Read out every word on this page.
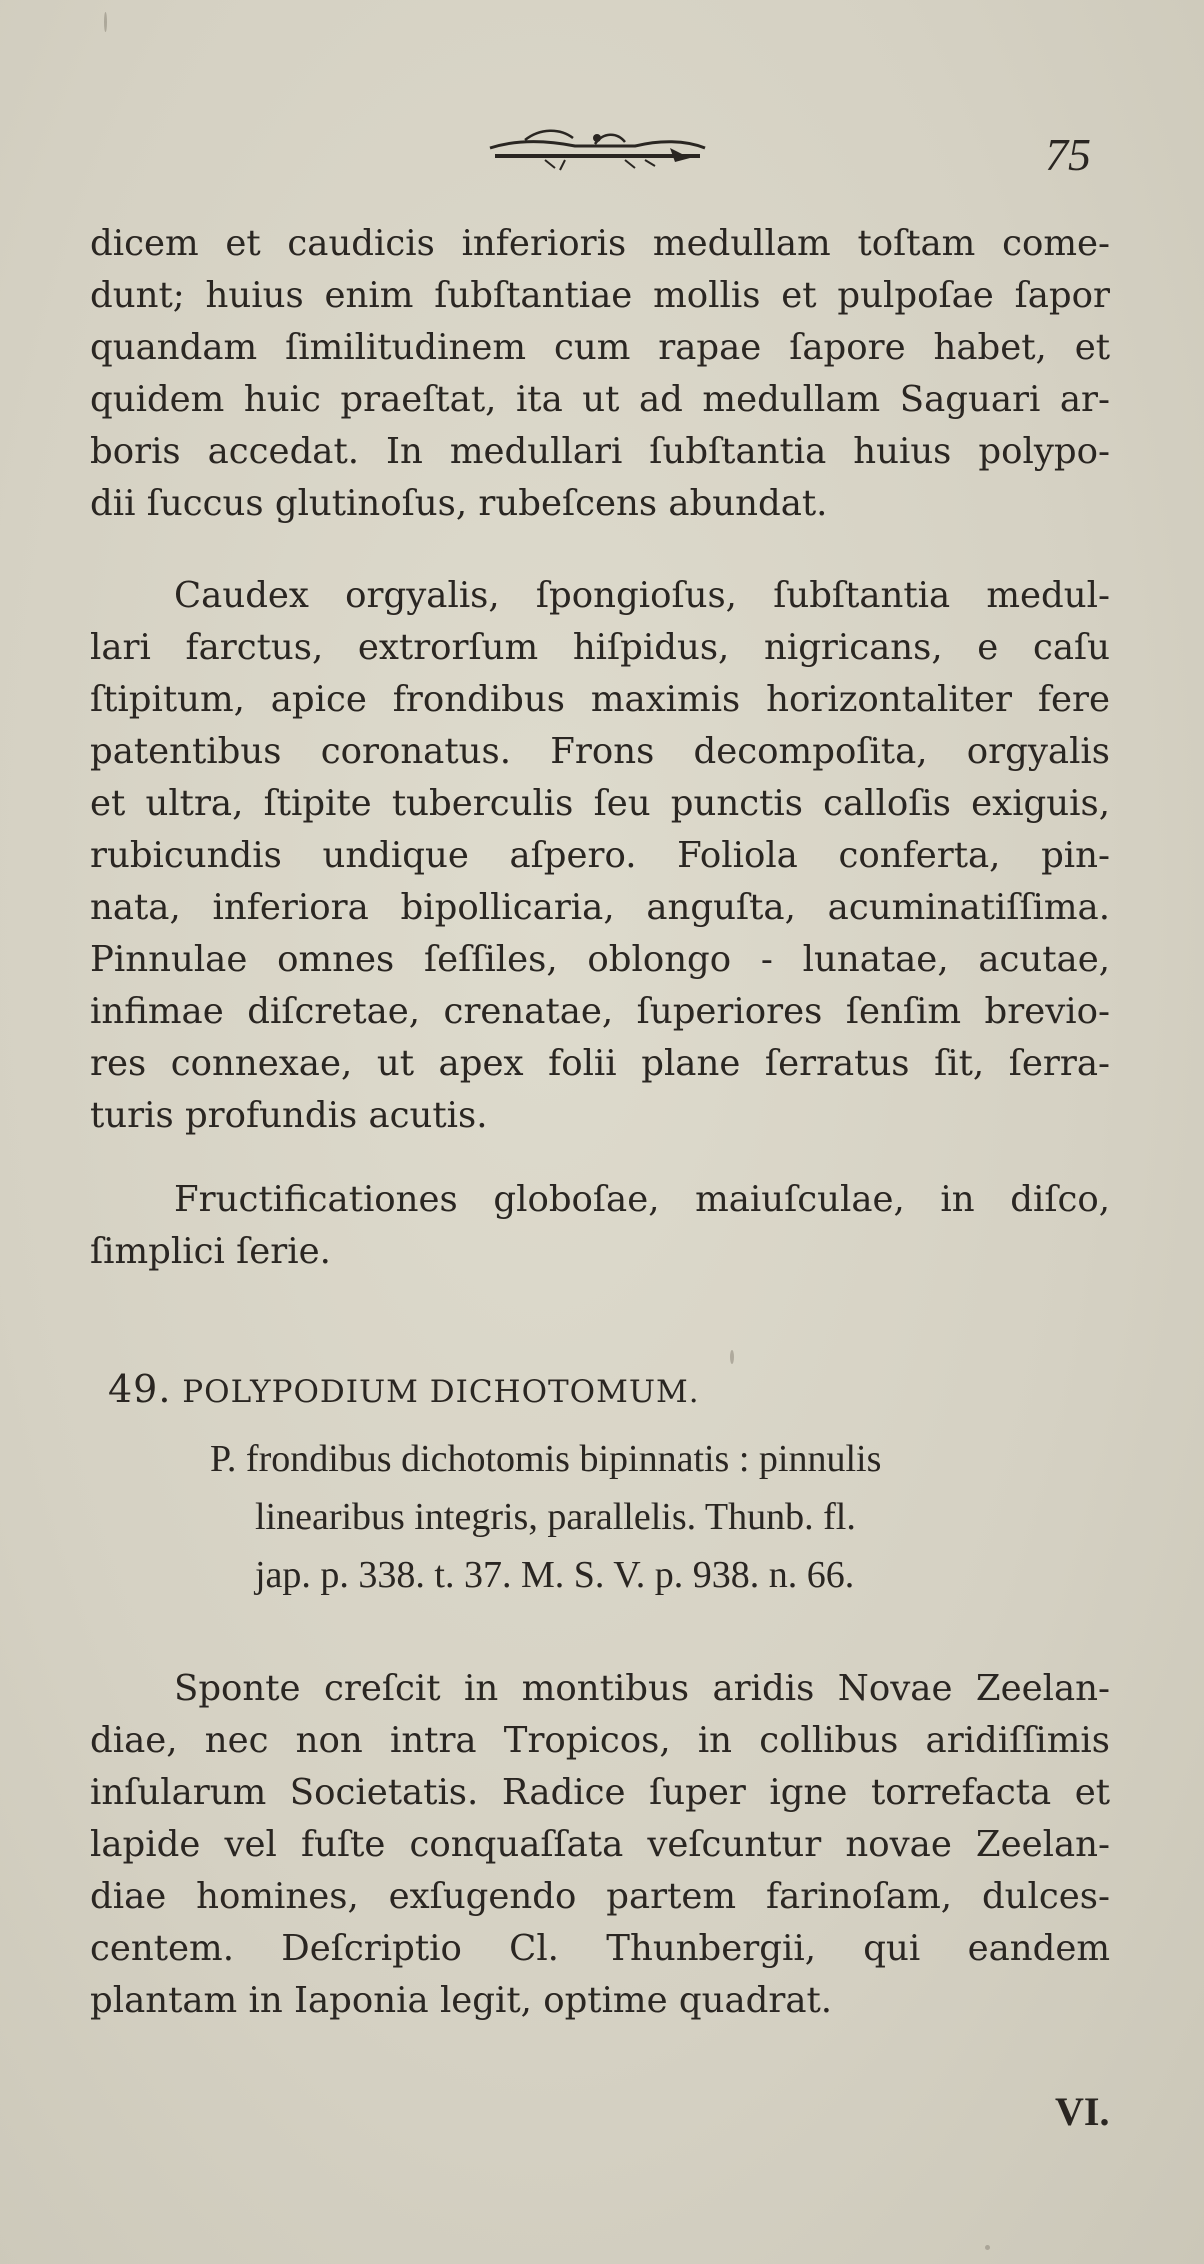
75
dicem et caudicis inferioris medullam toſtam come-
dunt; huius enim ſubſtantiae mollis et pulpoſae ſapor
quandam ſimilitudinem cum rapae ſapore habet, et
quidem huic praeſtat, ita ut ad medullam Saguari ar-
boris accedat. In medullari ſubſtantia huius polypo-
dii ſuccus glutinoſus, rubeſcens abundat.
Caudex orgyalis, ſpongioſus, ſubſtantia medul-
lari farctus, extrorſum hiſpidus, nigricans, e caſu
ſtipitum, apice frondibus maximis horizontaliter fere
patentibus coronatus. Frons decompoſita, orgyalis
et ultra, ſtipite tuberculis ſeu punctis calloſis exiguis,
rubicundis undique aſpero. Foliola conferta, pin-
nata, inferiora bipollicaria, anguſta, acuminatiſſima.
Pinnulae omnes ſeſſiles, oblongo - lunatae, acutae,
infimae diſcretae, crenatae, ſuperiores ſenſim brevio-
res connexae, ut apex folii plane ſerratus ſit, ſerra-
turis profundis acutis.
Fructificationes globoſae, maiuſculae, in diſco,
ſimplici ſerie.
49. POLYPODIUM DICHOTOMUM.
P. frondibus dichotomis bipinnatis : pinnulis
linearibus integris, parallelis. Thunb. fl.
jap. p. 338. t. 37. M. S. V. p. 938. n. 66.
Sponte creſcit in montibus aridis Novae Zeelan-
diae, nec non intra Tropicos, in collibus aridiſſimis
inſularum Societatis. Radice ſuper igne torrefacta et
lapide vel fuſte conquaſſata veſcuntur novae Zeelan-
diae homines, exſugendo partem farinoſam, dulces-
centem. Deſcriptio Cl. Thunbergii, qui eandem
plantam in Iaponia legit, optime quadrat.
VI.
